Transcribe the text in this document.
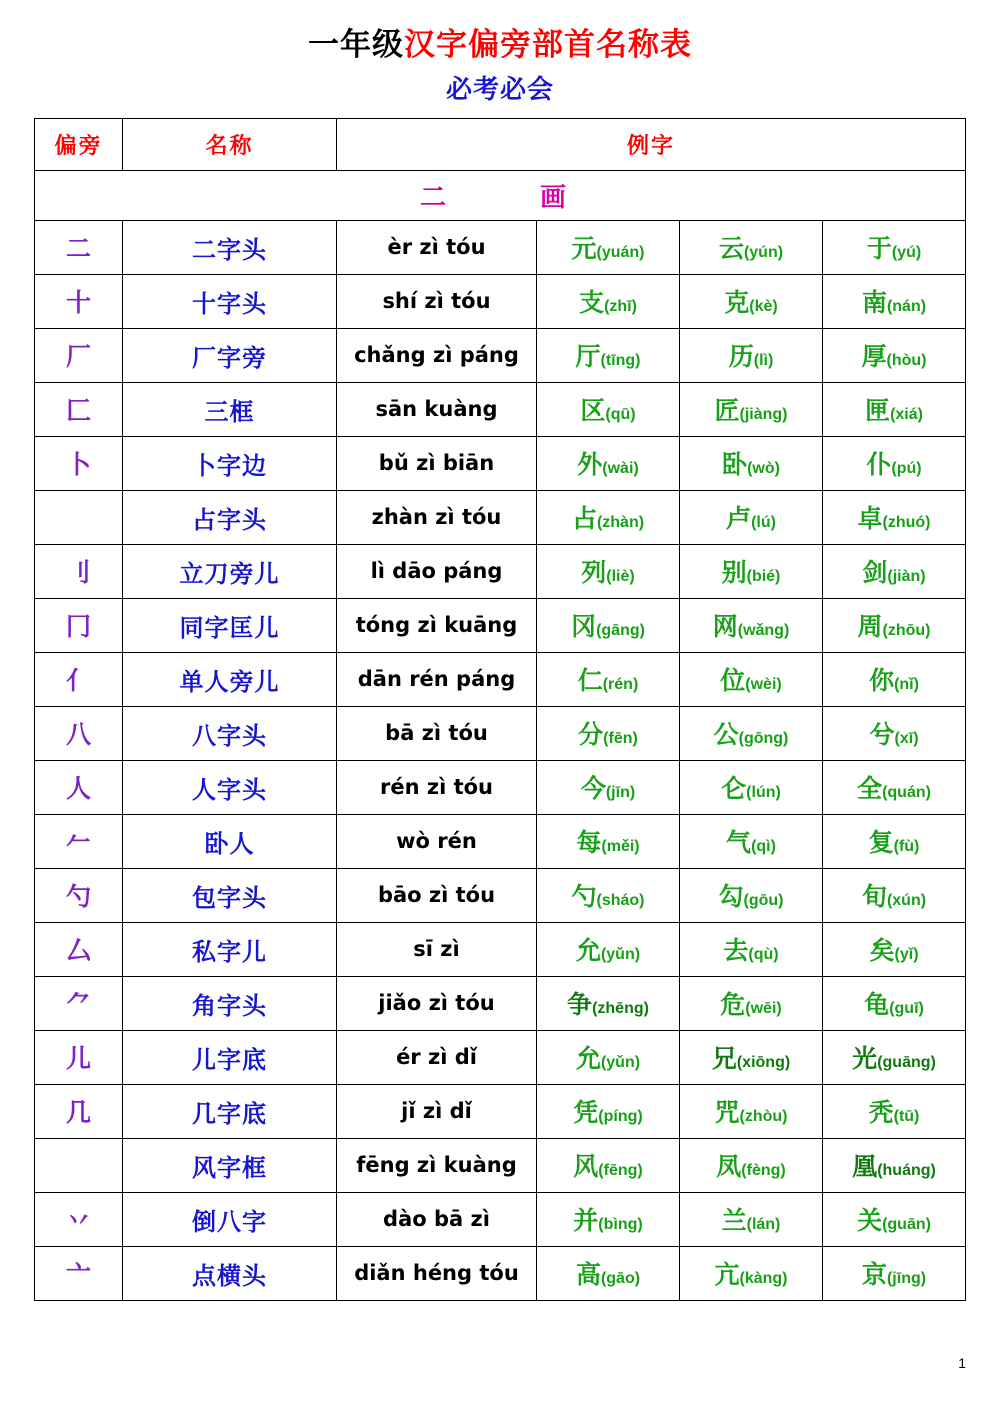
一年级汉字偏旁部首名称表
必考必会
偏旁	名称	例字			
二　　画					
二	二字头	èr zì tóu	元(yuán)	云(yún)	于(yú)
十	十字头	shí zì tóu	支(zhī)	克(kè)	南(nán)
厂	厂字旁	chǎng zì páng	厅(tīng)	历(lì)	厚(hòu)
匚	三框	sān kuàng	区(qū)	匠(jiàng)	匣(xiá)
卜	卜字边	bǔ zì biān	外(wài)	卧(wò)	仆(pú)
	占字头	zhàn zì tóu	占(zhàn)	卢(lú)	卓(zhuó)
刂	立刀旁儿	lì dāo páng	列(liè)	别(bié)	剑(jiàn)
冂	同字匡儿	tóng zì kuāng	冈(gāng)	网(wǎng)	周(zhōu)
亻	单人旁儿	dān rén páng	仁(rén)	位(wèi)	你(nǐ)
八	八字头	bā zì tóu	分(fēn)	公(gōng)	兮(xī)
人	人字头	rén zì tóu	今(jīn)	仑(lún)	全(quán)
𠂉	卧人	wò rén	每(měi)	气(qì)	复(fù)
勺	包字头	bāo zì tóu	勺(sháo)	勾(gōu)	旬(xún)
厶	私字儿	sī zì	允(yǔn)	去(qù)	矣(yǐ)
⺈	角字头	jiǎo zì tóu	争(zhēng)	危(wēi)	龟(guī)
儿	儿字底	ér zì dǐ	允(yǔn)	兄(xiōng)	光(guāng)
几	几字底	jǐ zì dǐ	凭(píng)	咒(zhòu)	秃(tū)
	风字框	fēng zì kuàng	风(fēng)	凤(fèng)	凰(huáng)
丷	倒八字	dào bā zì	并(bìng)	兰(lán)	关(guān)
亠	点横头	diǎn héng tóu	高(gāo)	亢(kàng)	京(jīng)
1
